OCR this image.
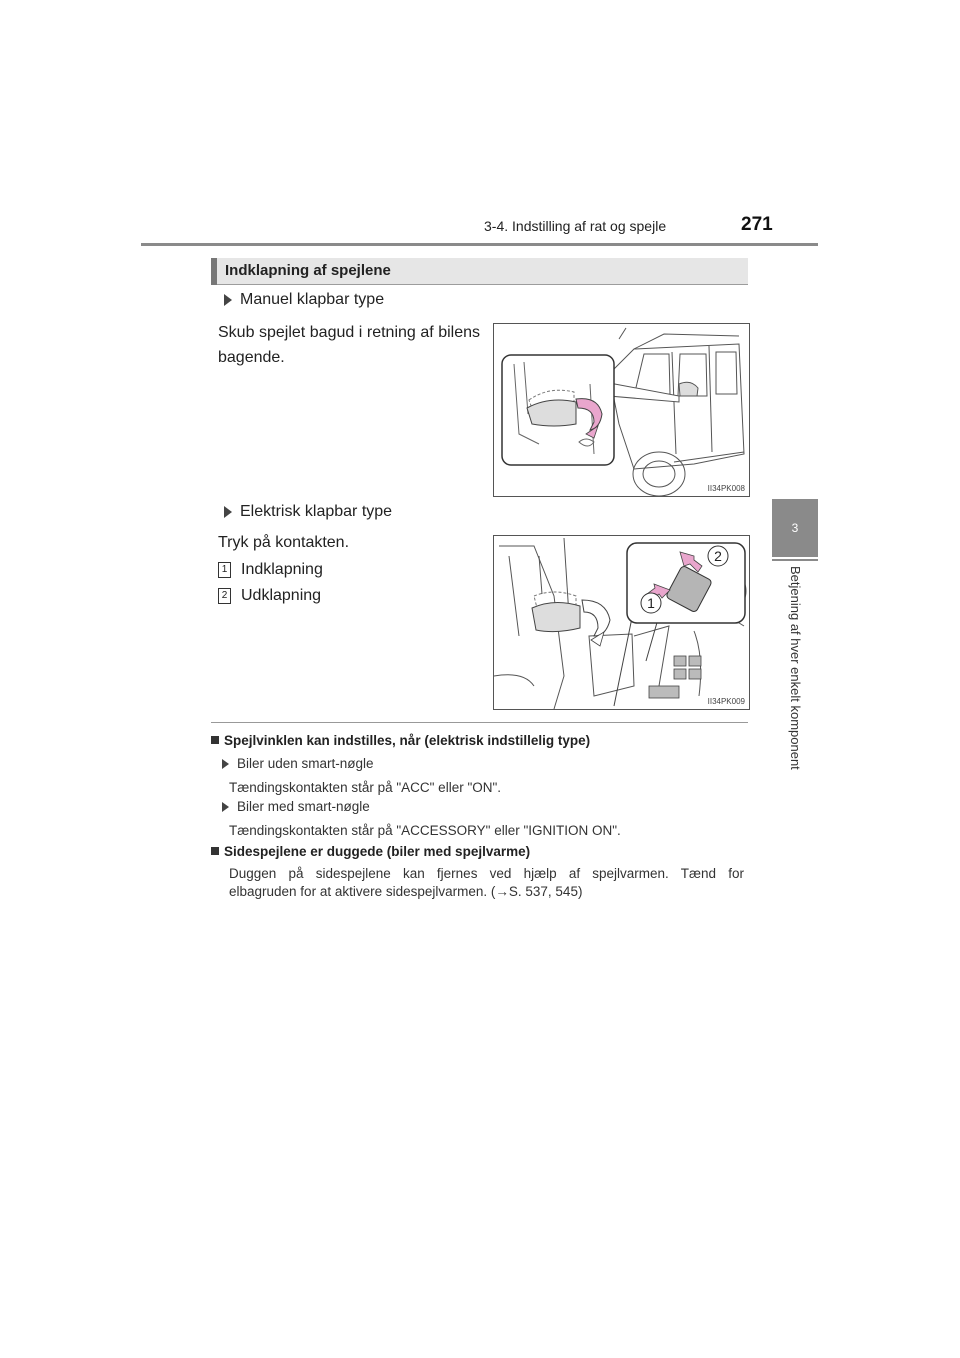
3-4. Indstilling af rat og spejle	271
3
Betjening af hver enkelt komponent
Indklapning af spejlene
Manuel klapbar type
Skub spejlet bagud i retning af bilens bagende.
II34PK008
Elektrisk klapbar type
Tryk på kontakten.
1 Indklapning
2 Udklapning
2
1
II34PK009
Spejlvinklen kan indstilles, når (elektrisk indstillelig type)
Biler uden smart-nøgle
Tændingskontakten står på "ACC" eller "ON".
Biler med smart-nøgle
Tændingskontakten står på "ACCESSORY" eller "IGNITION ON".
Sidespejlene er duggede (biler med spejlvarme)
Duggen på sidespejlene kan fjernes ved hjælp af spejlvarmen. Tænd for
elbagruden for at aktivere sidespejlvarmen. (→S. 537, 545)
